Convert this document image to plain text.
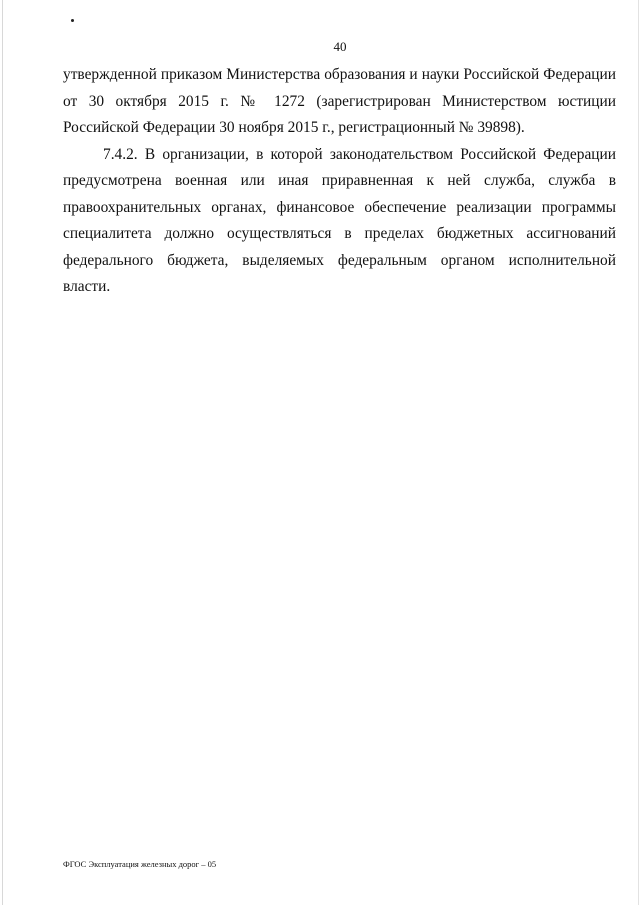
40

утвержденной приказом Министерства образования и науки Российской Федерации от 30 октября 2015 г. № 1272 (зарегистрирован Министерством юстиции Российской Федерации 30 ноября 2015 г., регистрационный № 39898).

7.4.2. В организации, в которой законодательством Российской Федерации предусмотрена военная или иная приравненная к ней служба, служба в правоохранительных органах, финансовое обеспечение реализации программы специалитета должно осуществляться в пределах бюджетных ассигнований федерального бюджета, выделяемых федеральным органом исполнительной власти.

ФГОС Эксплуатация железных дорог – 05
